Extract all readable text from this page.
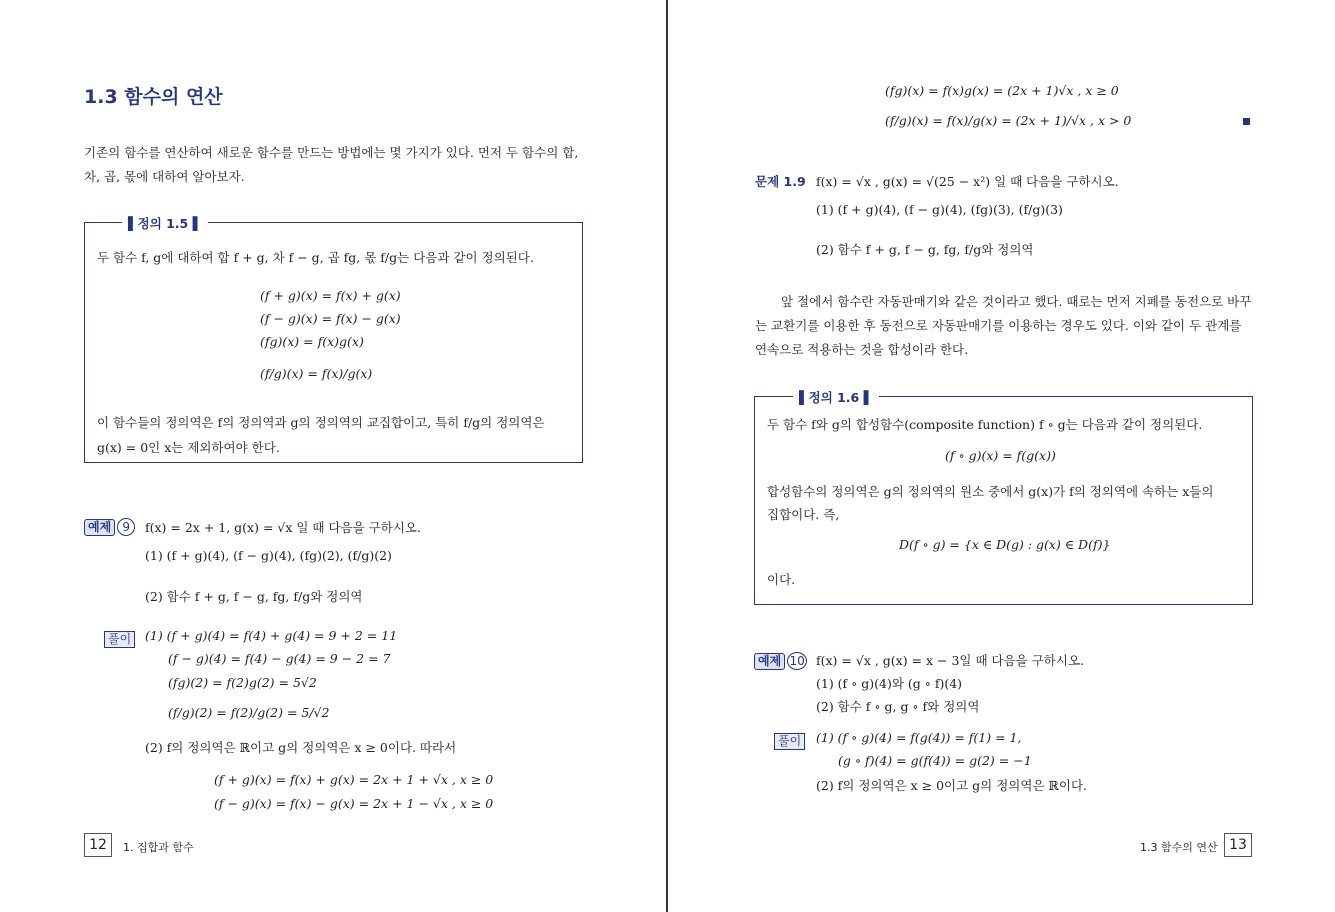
1.3 함수의 연산
기존의 함수를 연산하여 새로운 함수를 만드는 방법에는 몇 가지가 있다. 먼저 두 함수의 합,
차, 곱, 몫에 대하여 알아보자.
▌정의 1.5 ▌
두 함수 f, g에 대하여 합 f + g, 차 f − g, 곱 fg, 몫 f/g는 다음과 같이 정의된다.
(f + g)(x) = f(x) + g(x)
(f − g)(x) = f(x) − g(x)
(fg)(x) = f(x)g(x)
(f/g)(x) = f(x)/g(x)
이 함수들의 정의역은 f의 정의역과 g의 정의역의 교집합이고, 특히 f/g의 정의역은
g(x) = 0인 x는 제외하여야 한다.
예제 9	f(x) = 2x + 1, g(x) = √x 일 때 다음을 구하시오.
(1) (f + g)(4), (f − g)(4), (fg)(2), (f/g)(2)
(2) 함수 f + g, f − g, fg, f/g와 정의역
풀이	(1) (f + g)(4) = f(4) + g(4) = 9 + 2 = 11
(f − g)(4) = f(4) − g(4) = 9 − 2 = 7
(fg)(2) = f(2)g(2) = 5√2
(f/g)(2) = f(2)/g(2) = 5/√2
(2) f의 정의역은 ℝ이고 g의 정의역은 x ≥ 0이다. 따라서
(f + g)(x) = f(x) + g(x) = 2x + 1 + √x , x ≥ 0
(f − g)(x) = f(x) − g(x) = 2x + 1 − √x , x ≥ 0
12	1. 집합과 함수
(fg)(x) = f(x)g(x) = (2x + 1)√x , x ≥ 0
(f/g)(x) = f(x)/g(x) = (2x + 1)/√x , x > 0
문제 1.9 f(x) = √x , g(x) = √(25 − x²) 일 때 다음을 구하시오.
(1) (f + g)(4), (f − g)(4), (fg)(3), (f/g)(3)
(2) 함수 f + g, f − g, fg, f/g와 정의역
앞 절에서 함수란 자동판매기와 같은 것이라고 했다. 때로는 먼저 지폐를 동전으로 바꾸
는 교환기를 이용한 후 동전으로 자동판매기를 이용하는 경우도 있다. 이와 같이 두 관계를
연속으로 적용하는 것을 합성이라 한다.
▌정의 1.6 ▌
두 함수 f와 g의 합성함수(composite function) f ∘ g는 다음과 같이 정의된다.
(f ∘ g)(x) = f(g(x))
합성함수의 정의역은 g의 정의역의 원소 중에서 g(x)가 f의 정의역에 속하는 x들의
집합이다. 즉,
D(f ∘ g) = {x ∈ D(g) : g(x) ∈ D(f)}
이다.
예제 10 f(x) = √x , g(x) = x − 3일 때 다음을 구하시오.
(1) (f ∘ g)(4)와 (g ∘ f)(4)
(2) 함수 f ∘ g, g ∘ f와 정의역
풀이	(1) (f ∘ g)(4) = f(g(4)) = f(1) = 1,
(g ∘ f)(4) = g(f(4)) = g(2) = −1
(2) f의 정의역은 x ≥ 0이고 g의 정의역은 ℝ이다.
1.3 함수의 연산 13
